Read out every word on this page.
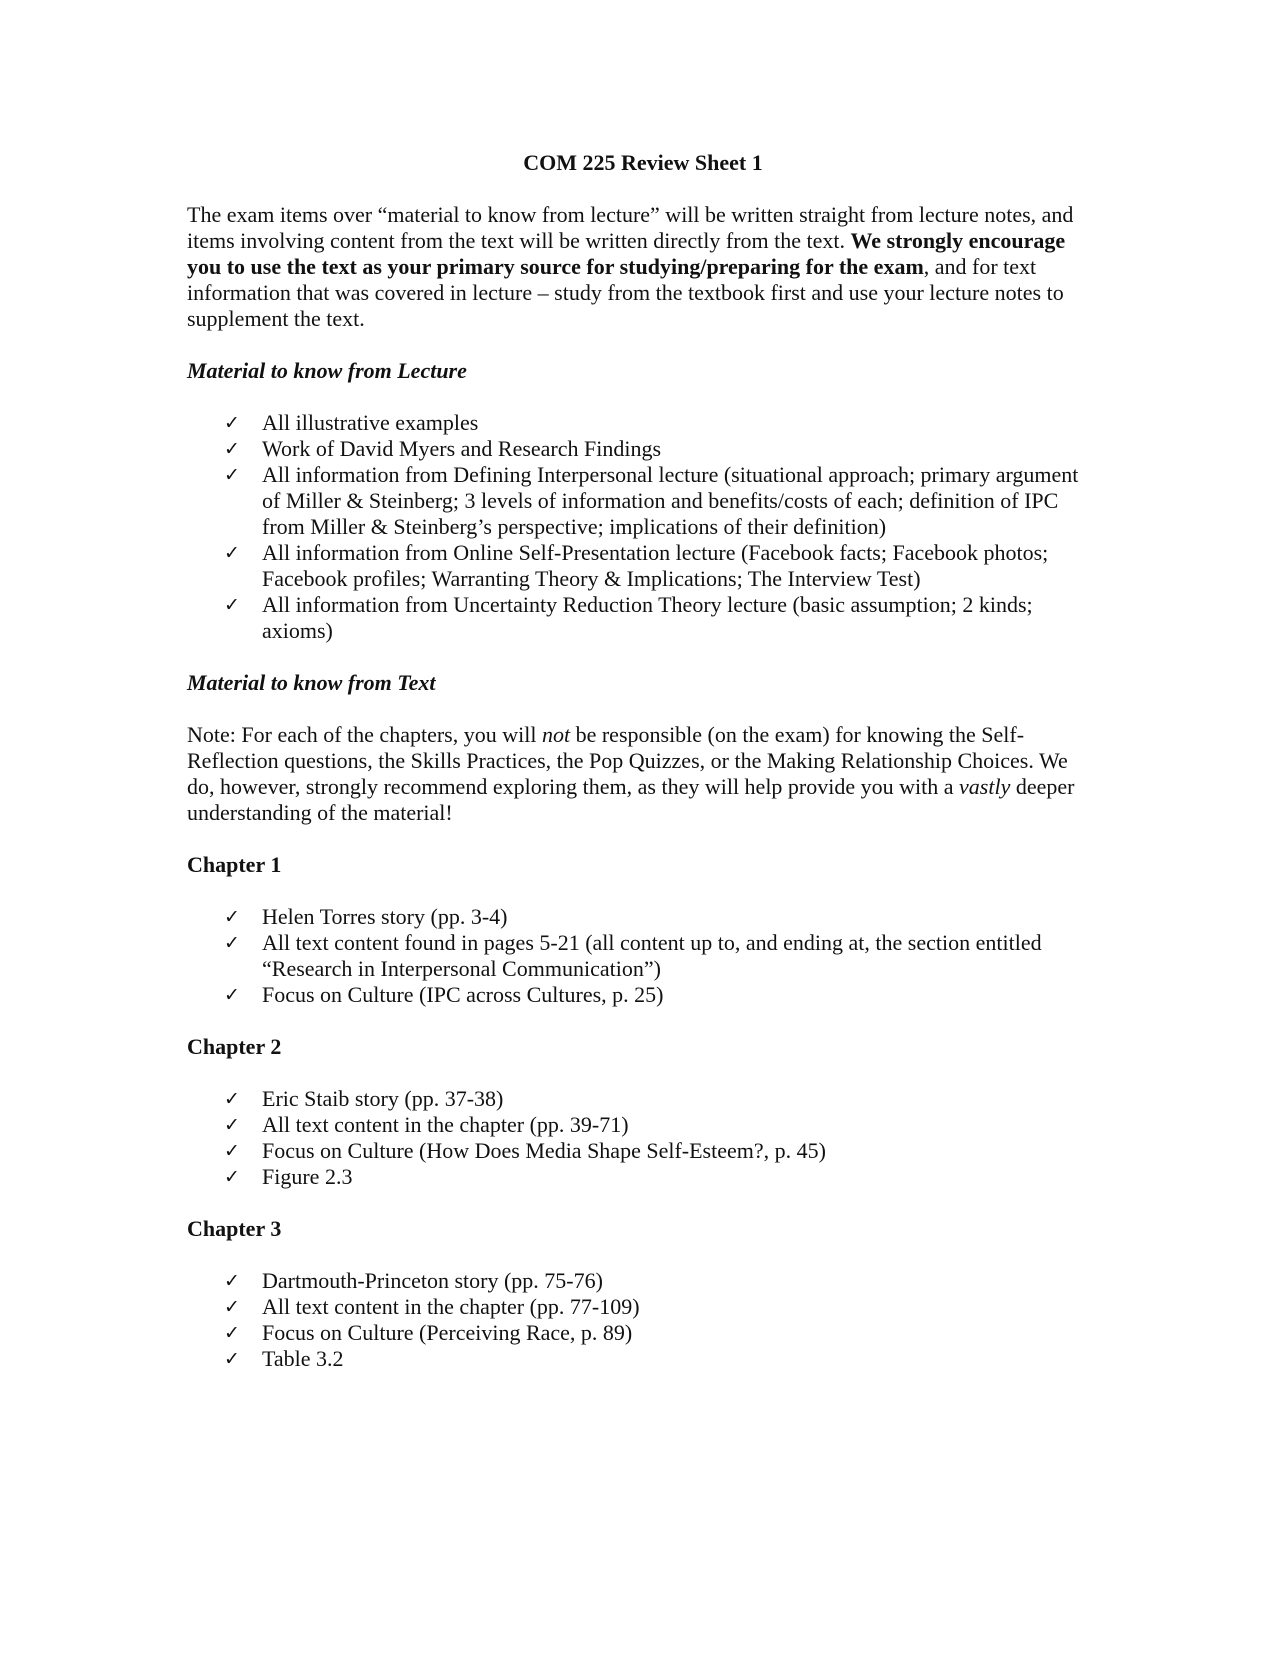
COM 225 Review Sheet 1

The exam items over “material to know from lecture” will be written straight from lecture notes, and items involving content from the text will be written directly from the text. We strongly encourage you to use the text as your primary source for studying/preparing for the exam, and for text information that was covered in lecture – study from the textbook first and use your lecture notes to supplement the text.

Material to know from Lecture
✓ All illustrative examples
✓ Work of David Myers and Research Findings
✓ All information from Defining Interpersonal lecture (situational approach; primary argument of Miller & Steinberg; 3 levels of information and benefits/costs of each; definition of IPC from Miller & Steinberg’s perspective; implications of their definition)
✓ All information from Online Self-Presentation lecture (Facebook facts; Facebook photos; Facebook profiles; Warranting Theory & Implications; The Interview Test)
✓ All information from Uncertainty Reduction Theory lecture (basic assumption; 2 kinds; axioms)
Material to know from Text

Note: For each of the chapters, you will not be responsible (on the exam) for knowing the Self-Reflection questions, the Skills Practices, the Pop Quizzes, or the Making Relationship Choices. We do, however, strongly recommend exploring them, as they will help provide you with a vastly deeper understanding of the material!

Chapter 1
✓ Helen Torres story (pp. 3-4)
✓ All text content found in pages 5-21 (all content up to, and ending at, the section entitled “Research in Interpersonal Communication”)
✓ Focus on Culture (IPC across Cultures, p. 25)
Chapter 2
✓ Eric Staib story (pp. 37-38)
✓ All text content in the chapter (pp. 39-71)
✓ Focus on Culture (How Does Media Shape Self-Esteem?, p. 45)
✓ Figure 2.3
Chapter 3
✓ Dartmouth-Princeton story (pp. 75-76)
✓ All text content in the chapter (pp. 77-109)
✓ Focus on Culture (Perceiving Race, p. 89)
✓ Table 3.2
